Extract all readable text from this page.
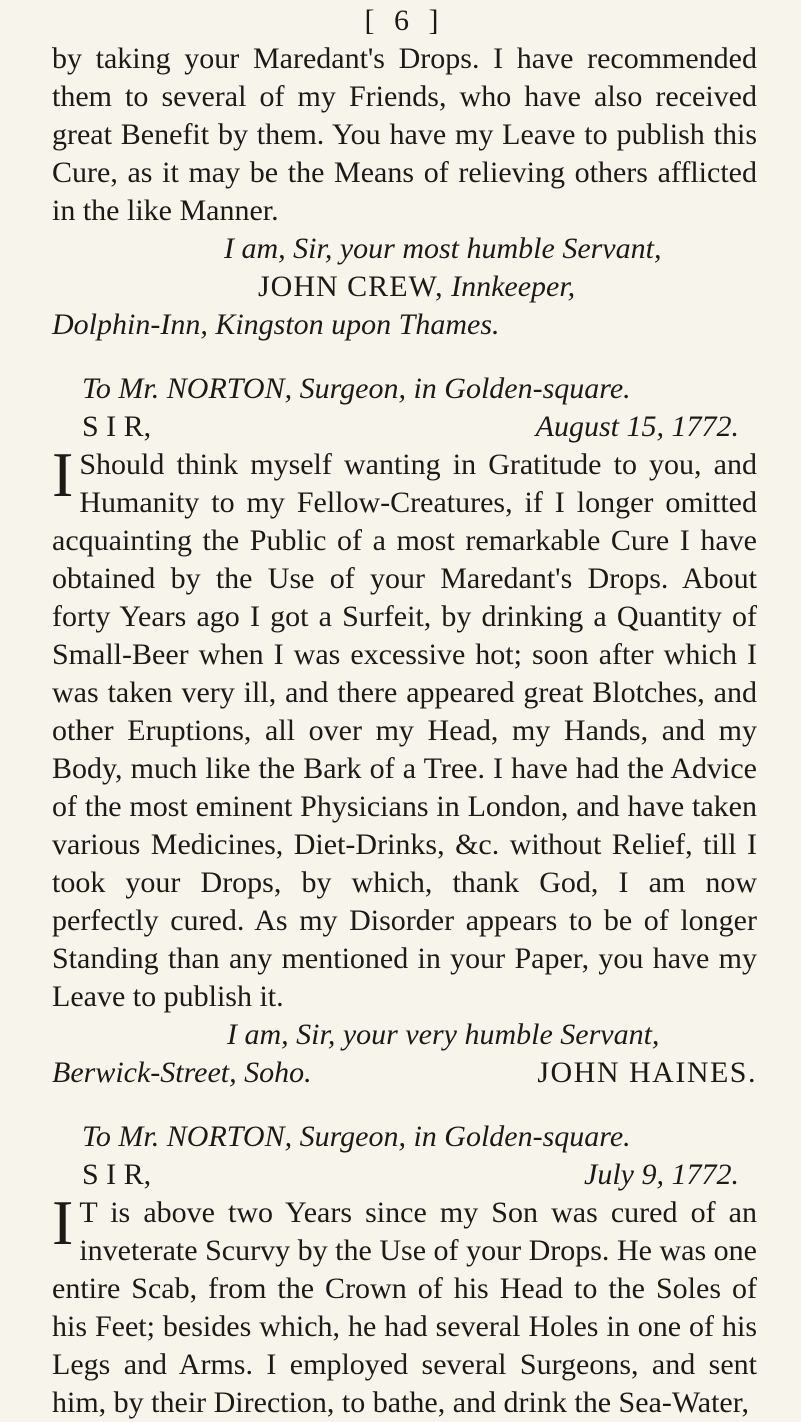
[ 6 ]

by taking your Maredant's Drops. I have recommended them to several of my Friends, who have also received great Benefit by them. You have my Leave to publish this Cure, as it may be the Means of relieving others afflicted in the like Manner.

I am, Sir, your most humble Servant,

JOHN CREW, Innkeeper,

Dolphin-Inn, Kingston upon Thames.

To Mr. NORTON, Surgeon, in Golden-square.

S I R,	August 15, 1772.

I Should think myself wanting in Gratitude to you, and Humanity to my Fellow-Creatures, if I longer omitted acquainting the Public of a most remarkable Cure I have obtained by the Use of your Maredant's Drops. About forty Years ago I got a Surfeit, by drinking a Quantity of Small-Beer when I was excessive hot; soon after which I was taken very ill, and there appeared great Blotches, and other Eruptions, all over my Head, my Hands, and my Body, much like the Bark of a Tree. I have had the Advice of the most eminent Physicians in London, and have taken various Medicines, Diet-Drinks, &c. without Relief, till I took your Drops, by which, thank God, I am now perfectly cured. As my Disorder appears to be of longer Standing than any mentioned in your Paper, you have my Leave to publish it.

I am, Sir, your very humble Servant,

Berwick-Street, Soho.	JOHN HAINES.

To Mr. NORTON, Surgeon, in Golden-square.

S I R,	July 9, 1772.

I T is above two Years since my Son was cured of an inveterate Scurvy by the Use of your Drops. He was one entire Scab, from the Crown of his Head to the Soles of his Feet; besides which, he had several Holes in one of his Legs and Arms. I employed several Surgeons, and sent him, by their Direction, to bathe, and drink the Sea-Water,
